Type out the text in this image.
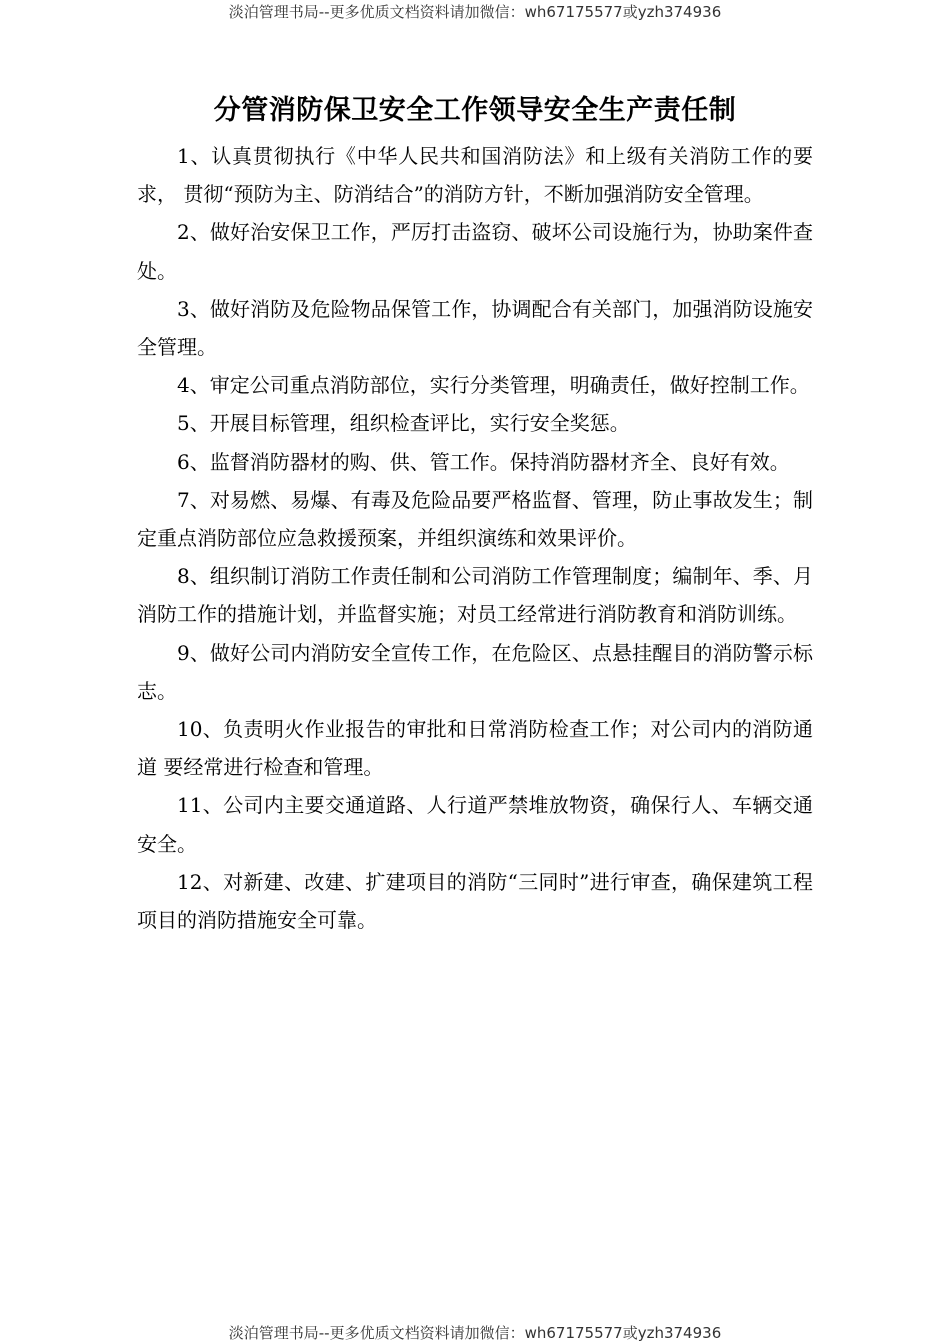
淡泊管理书局--更多优质文档资料请加微信：wh67175577或yzh374936
分管消防保卫安全工作领导安全生产责任制

1、认真贯彻执行《中华人民共和国消防法》和上级有关消防工作的要求， 贯彻“预防为主、防消结合”的消防方针，不断加强消防安全管理。

2、做好治安保卫工作，严厉打击盗窃、破坏公司设施行为，协助案件查处。

3、做好消防及危险物品保管工作，协调配合有关部门，加强消防设施安全管理。

4、审定公司重点消防部位，实行分类管理，明确责任，做好控制工作。

5、开展目标管理，组织检查评比，实行安全奖惩。

6、监督消防器材的购、供、管工作。保持消防器材齐全、良好有效。

7、对易燃、易爆、有毒及危险品要严格监督、管理，防止事故发生；制 定重点消防部位应急救援预案，并组织演练和效果评价。

8、组织制订消防工作责任制和公司消防工作管理制度；编制年、季、月 消防工作的措施计划，并监督实施；对员工经常进行消防教育和消防训练。

9、做好公司内消防安全宣传工作，在危险区、点悬挂醒目的消防警示标志。

10、负责明火作业报告的审批和日常消防检查工作；对公司内的消防通道 要经常进行检查和管理。

11、公司内主要交通道路、人行道严禁堆放物资，确保行人、车辆交通安全。

12、对新建、改建、扩建项目的消防“三同时”进行审查，确保建筑工程项目的消防措施安全可靠。

淡泊管理书局--更多优质文档资料请加微信：wh67175577或yzh374936
